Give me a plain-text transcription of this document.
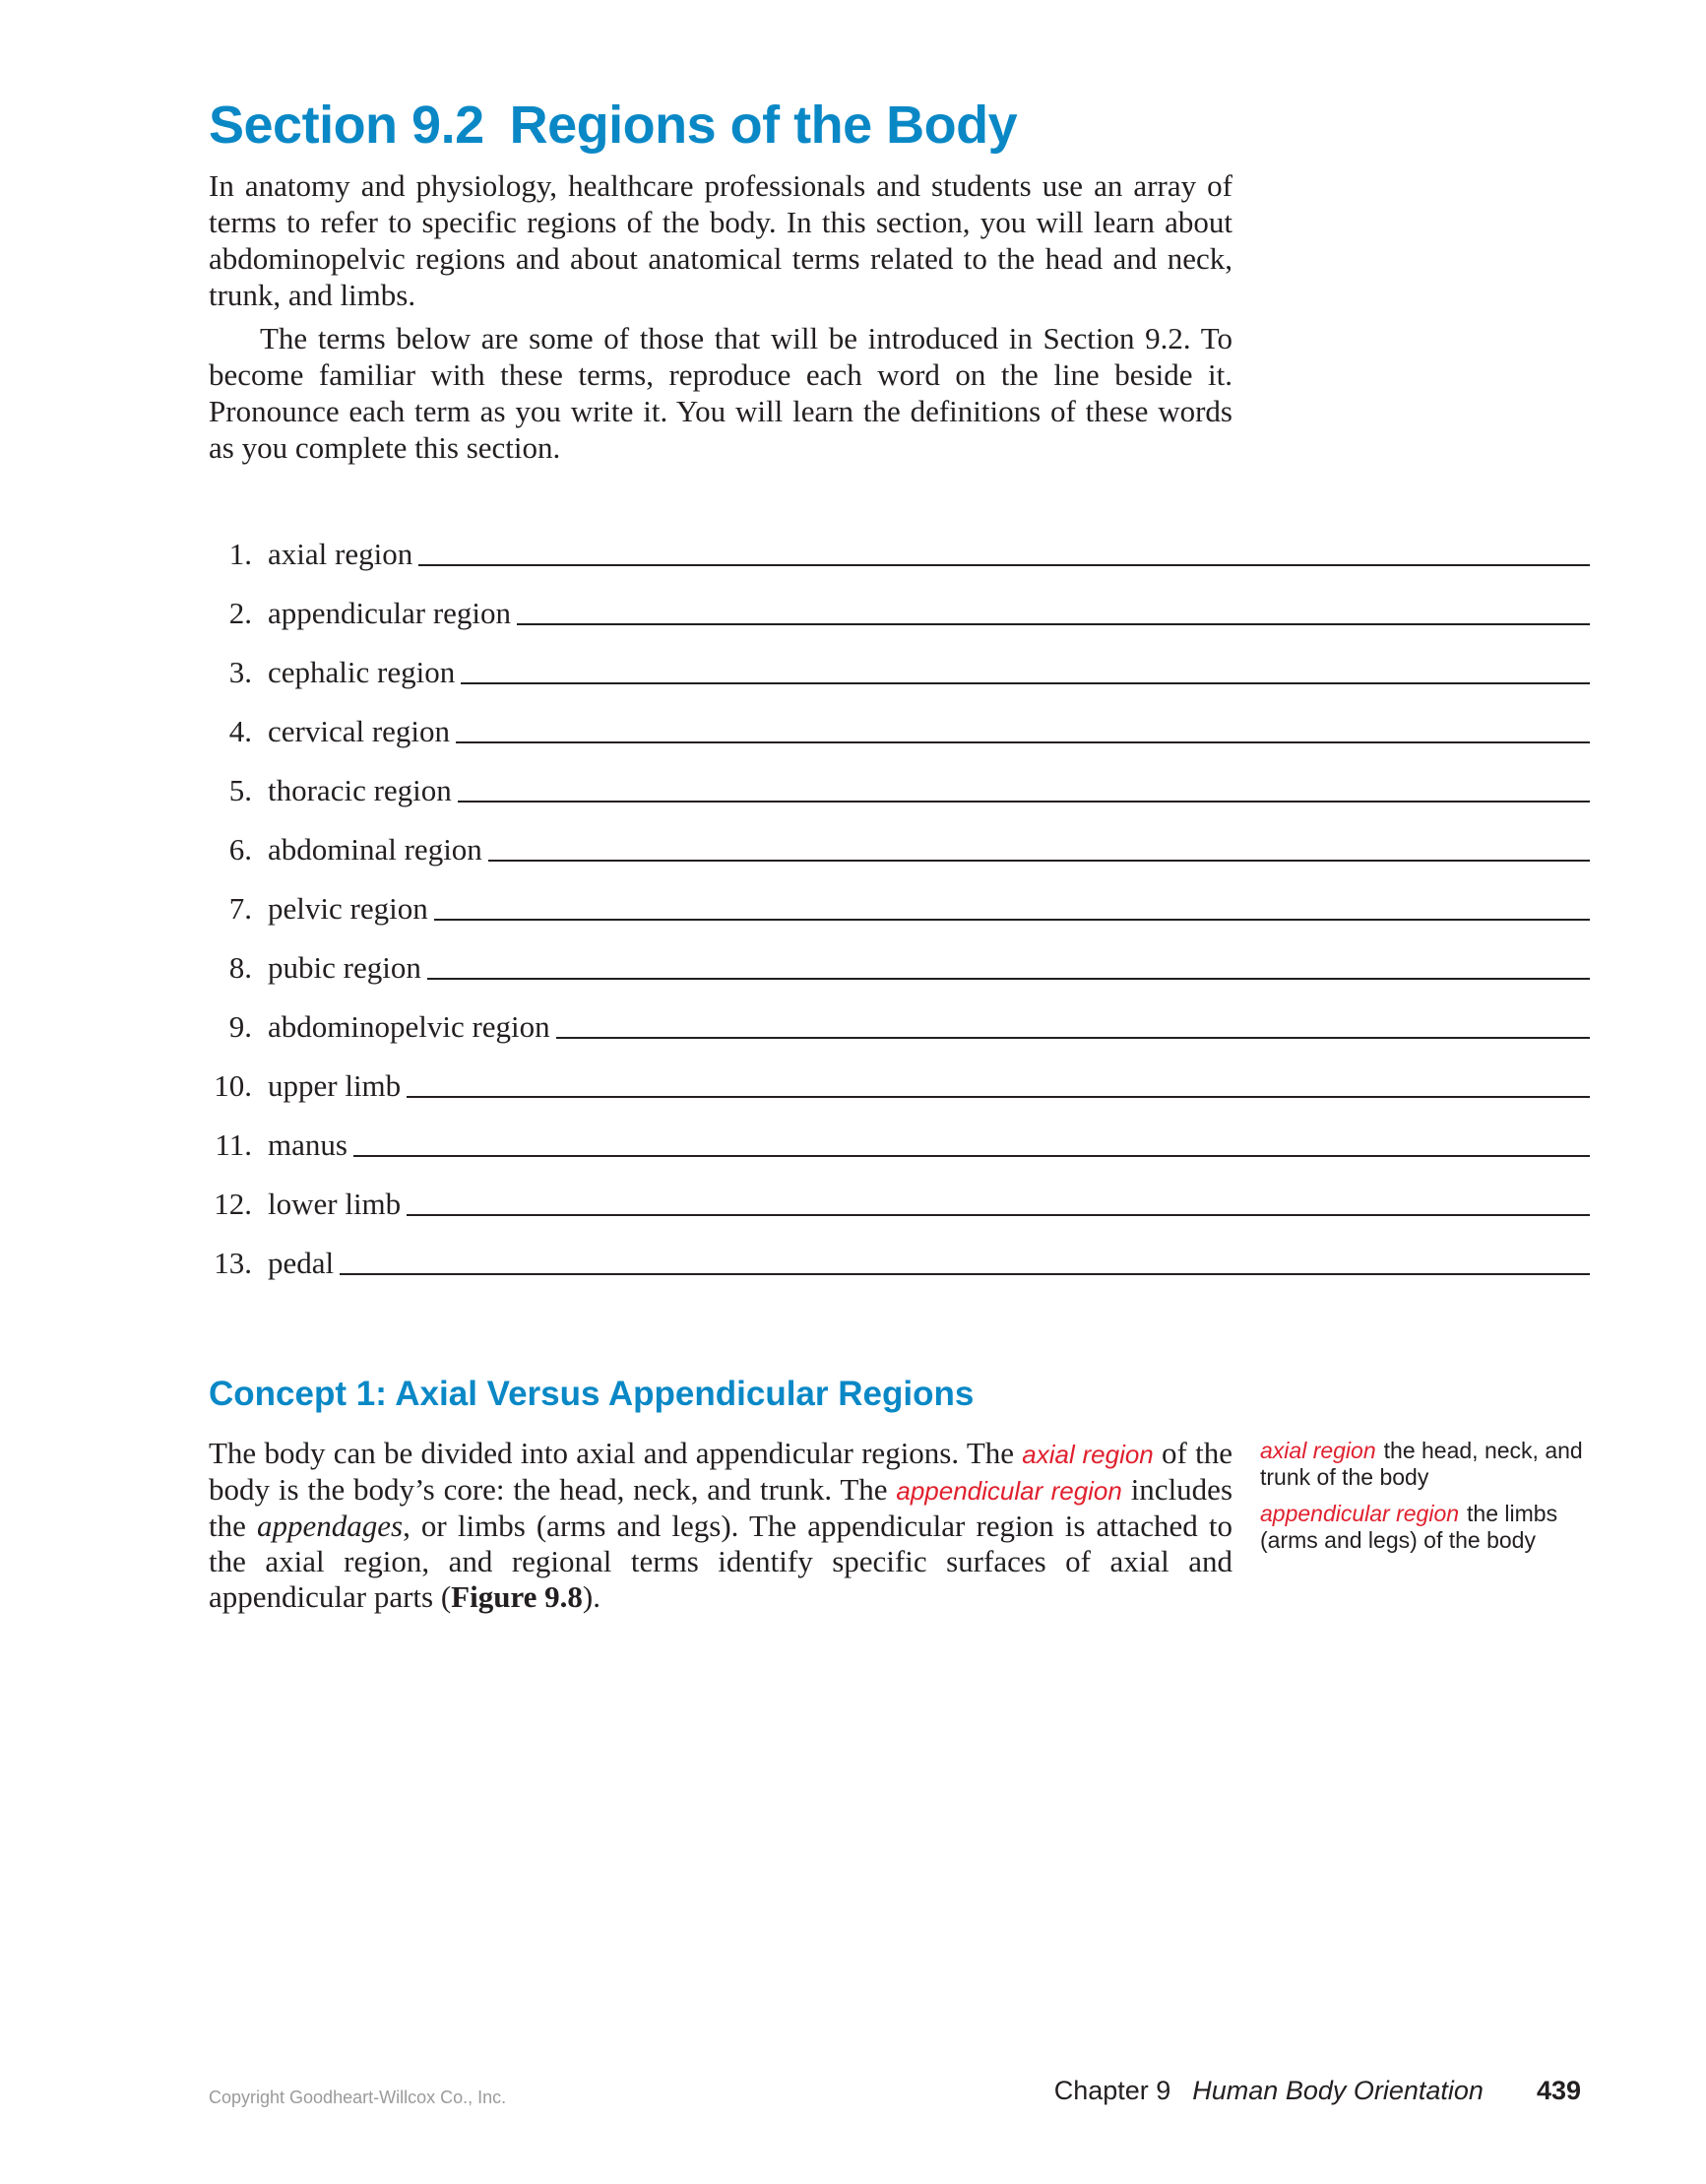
Section 9.2 Regions of the Body

In anatomy and physiology, healthcare professionals and students use an array of terms to refer to specific regions of the body. In this section, you will learn about abdominopelvic regions and about anatomical terms related to the head and neck, trunk, and limbs.

The terms below are some of those that will be introduced in Section 9.2. To become familiar with these terms, reproduce each word on the line beside it. Pronounce each term as you write it. You will learn the definitions of these words as you complete this section.

1. axial region
2. appendicular region
3. cephalic region
4. cervical region
5. thoracic region
6. abdominal region
7. pelvic region
8. pubic region
9. abdominopelvic region
10. upper limb
11. manus
12. lower limb
13. pedal
Concept 1: Axial Versus Appendicular Regions

The body can be divided into axial and appendicular regions. The axial region of the body is the body’s core: the head, neck, and trunk. The appendicular region includes the appendages, or limbs (arms and legs). The appendicular region is attached to the axial region, and regional terms identify specific surfaces of axial and appendicular parts (Figure 9.8).

axial region the head, neck, and trunk of the body

appendicular region the limbs (arms and legs) of the body

Copyright Goodheart-Willcox Co., Inc.	Chapter 9 Human Body Orientation 439
